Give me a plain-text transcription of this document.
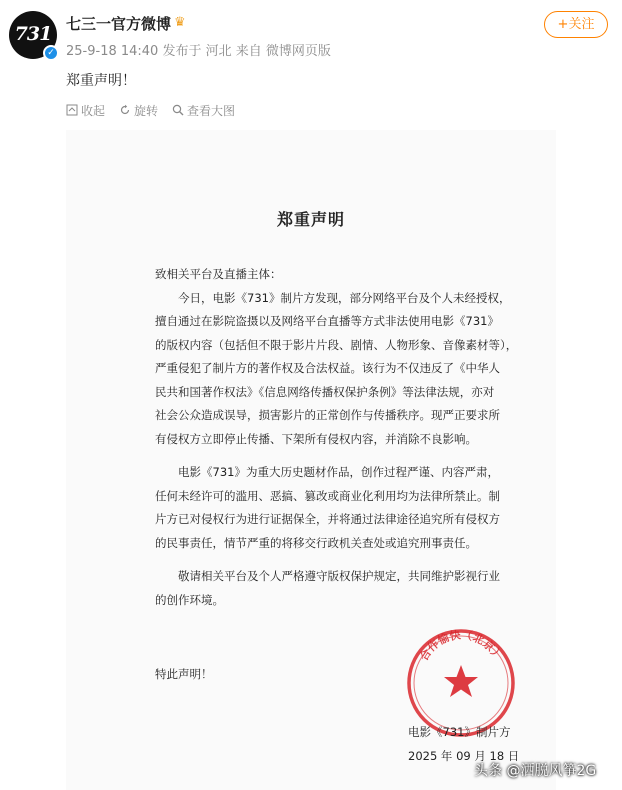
731
✓
七三一官方微博 ♛
25-9-18 14:40 发布于 河北 来自 微博网页版
+关注
郑重声明！
收起 旋转 查看大图
郑重声明
致相关平台及直播主体：
今日，电影《731》制片方发现，部分网络平台及个人未经授权，
擅自通过在影院盗摄以及网络平台直播等方式非法使用电影《731》
的版权内容（包括但不限于影片片段、剧情、人物形象、音像素材等），
严重侵犯了制片方的著作权及合法权益。该行为不仅违反了《中华人
民共和国著作权法》《信息网络传播权保护条例》等法律法规，亦对
社会公众造成误导，损害影片的正常创作与传播秩序。现严正要求所
有侵权方立即停止传播、下架所有侵权内容，并消除不良影响。
电影《731》为重大历史题材作品，创作过程严谨、内容严肃，
任何未经许可的滥用、恶搞、篡改或商业化利用均为法律所禁止。制
片方已对侵权行为进行证据保全，并将通过法律途径追究所有侵权方
的民事责任，情节严重的将移交行政机关查处或追究刑事责任。
敬请相关平台及个人严格遵守版权保护规定，共同维护影视行业
的创作环境。
特此声明！
合作愉快（北京）
电影《731》制片方
2025 年 09 月 18 日
头条 @洒脱风筝2G
